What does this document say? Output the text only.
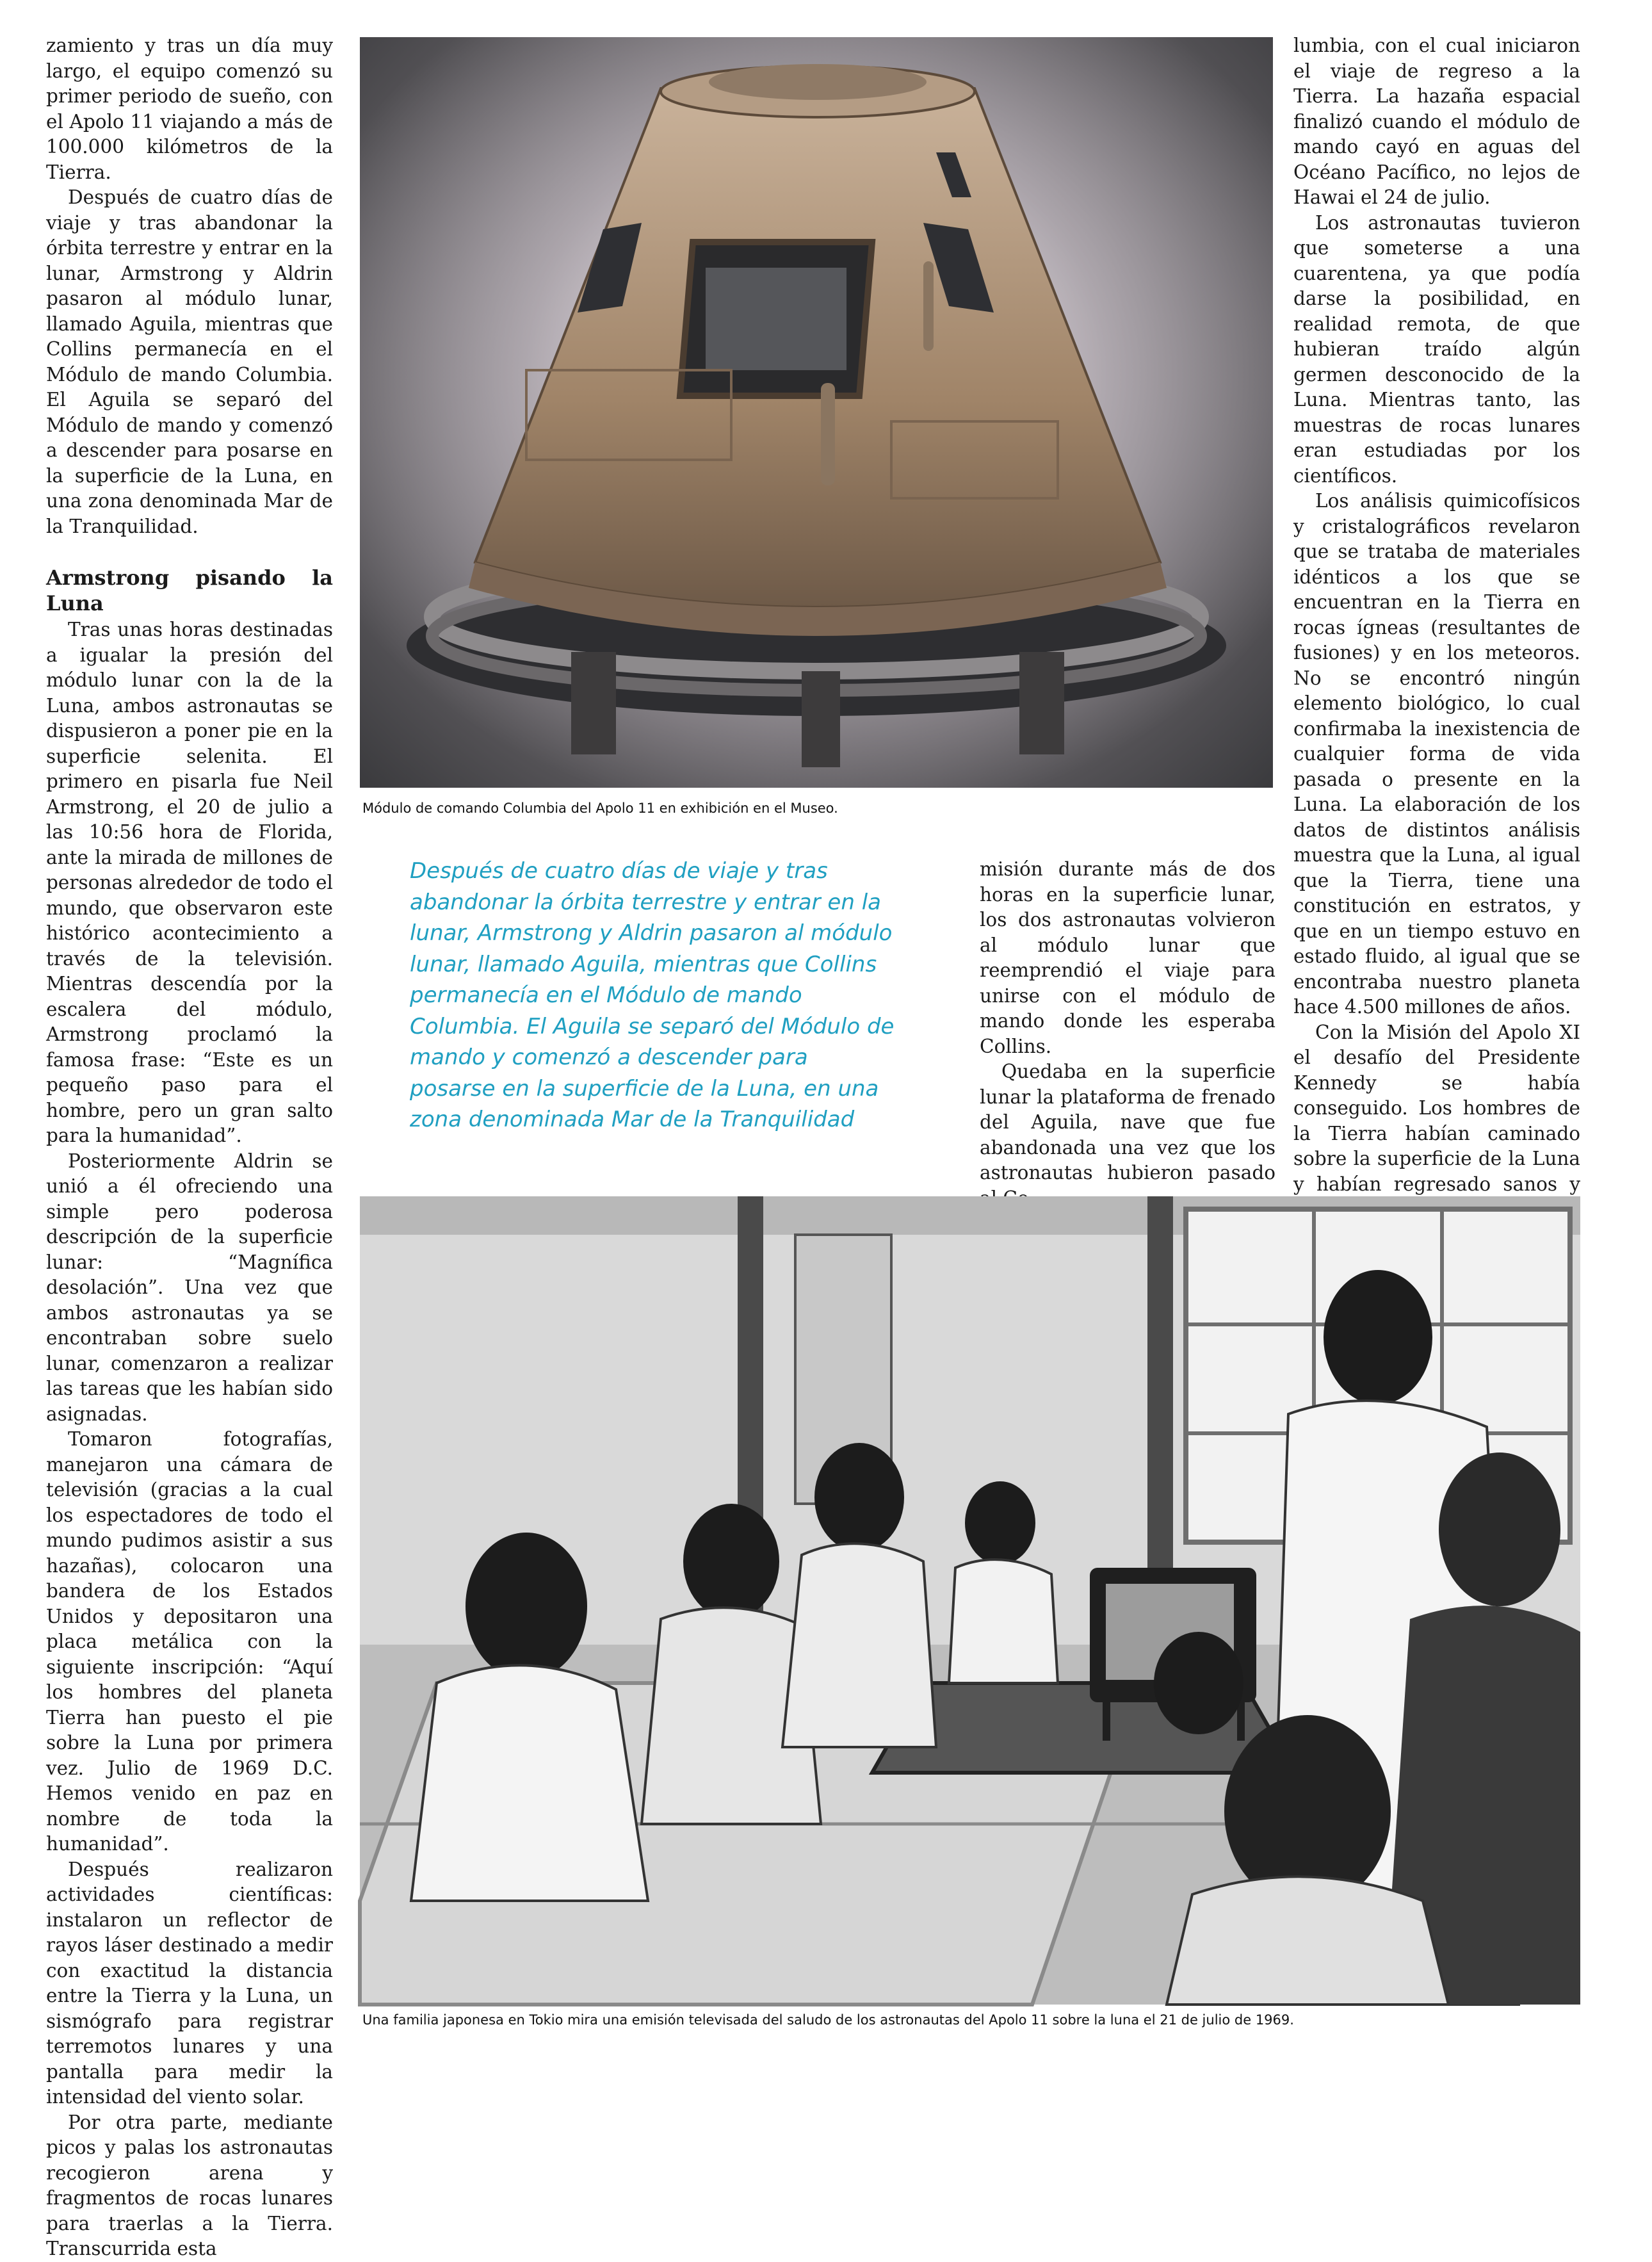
zamiento y tras un día muy largo, el equipo comenzó su primer periodo de sueño, con el Apolo 11 viajando a más de 100.000 kilómetros de la Tierra.

Después de cuatro días de viaje y tras abandonar la órbita terrestre y entrar en la lunar, Armstrong y Aldrin pasaron al módulo lunar, llamado Aguila, mientras que Collins permanecía en el Módulo de mando Columbia. El Aguila se separó del Módulo de mando y comenzó a descender para posarse en la superficie de la Luna, en una zona denominada Mar de la Tranquilidad.

Armstrong pisando la Luna

Tras unas horas destinadas a igualar la presión del módulo lunar con la de la Luna, ambos astronautas se dispusieron a poner pie en la superficie selenita. El primero en pisarla fue Neil Armstrong, el 20 de julio a las 10:56 hora de Florida, ante la mirada de millones de personas alrededor de todo el mundo, que observaron este histórico acontecimiento a través de la televisión. Mientras descendía por la escalera del módulo, Armstrong proclamó la famosa frase: “Este es un pequeño paso para el hombre, pero un gran salto para la humanidad”.

Posteriormente Aldrin se unió a él ofreciendo una simple pero poderosa descripción de la superficie lunar: “Magnífica desolación”. Una vez que ambos astronautas ya se encontraban sobre suelo lunar, comenzaron a realizar las tareas que les habían sido asignadas.

Tomaron fotografías, manejaron una cámara de televisión (gracias a la cual los espectadores de todo el mundo pudimos asistir a sus hazañas), colocaron una bandera de los Estados Unidos y depositaron una placa metálica con la siguiente inscripción: “Aquí los hombres del planeta Tierra han puesto el pie sobre la Luna por primera vez. Julio de 1969 D.C. Hemos venido en paz en nombre de toda la humanidad”.

Después realizaron actividades científicas: instalaron un reflector de rayos láser destinado a medir con exactitud la distancia entre la Tierra y la Luna, un sismógrafo para registrar terremotos lunares y una pantalla para medir la intensidad del viento solar.

Por otra parte, mediante picos y palas los astronautas recogieron arena y fragmentos de rocas lunares para traerlas a la Tierra. Transcurrida esta

Módulo de comando Columbia del Apolo 11 en exhibición en el Museo.
Después de cuatro días de viaje y tras abandonar la órbita terrestre y entrar en la lunar, Armstrong y Aldrin pasaron al módulo lunar, llamado Aguila, mientras que Collins permanecía en el Módulo de mando Columbia. El Aguila se separó del Módulo de mando y comenzó a descender para posarse en la superficie de la Luna, en una zona denominada Mar de la Tranquilidad

misión durante más de dos horas en la superficie lunar, los dos astronautas volvieron al módulo lunar que reemprendió el viaje para unirse con el módulo de mando donde les esperaba Collins.

Quedaba en la superficie lunar la plataforma de frenado del Aguila, nave que fue abandonada una vez que los astronautas hubieron pasado

lumbia, con el cual iniciaron el viaje de regreso a la Tierra. La hazaña espacial finalizó cuando el módulo de mando cayó en aguas del Océano Pacífico, no lejos de Hawai el 24 de julio.

Los astronautas tuvieron que someterse a una cuarentena, ya que podía darse la posibilidad, en realidad remota, de que hubieran traído algún germen desconocido de la Luna. Mientras tanto, las muestras de rocas lunares eran estudiadas por los científicos.

Los análisis quimicofísicos y cristalográficos revelaron que se trataba de materiales idénticos a los que se encuentran en la Tierra en rocas ígneas (resultantes de fusiones) y en los meteoros. No se encontró ningún elemento biológico, lo cual confirmaba la inexistencia de cualquier forma de vida pasada o presente en la Luna. La elaboración de los datos de distintos análisis muestra que la Luna, al igual que la Tierra, tiene una constitución en estratos, y que en un tiempo estuvo en estado fluido, al igual que se encontraba nuestro planeta hace 4.500 millones de años.

Con la Misión del Apolo XI el desafío del Presidente Kennedy se había conseguido. Los hombres de la Tierra habían caminado sobre la superficie de la Luna y habían regresado sanos y

Una familia japonesa en Tokio mira una emisión televisada del saludo de los astronautas del Apolo 11 sobre la luna el 21 de julio de 1969.
